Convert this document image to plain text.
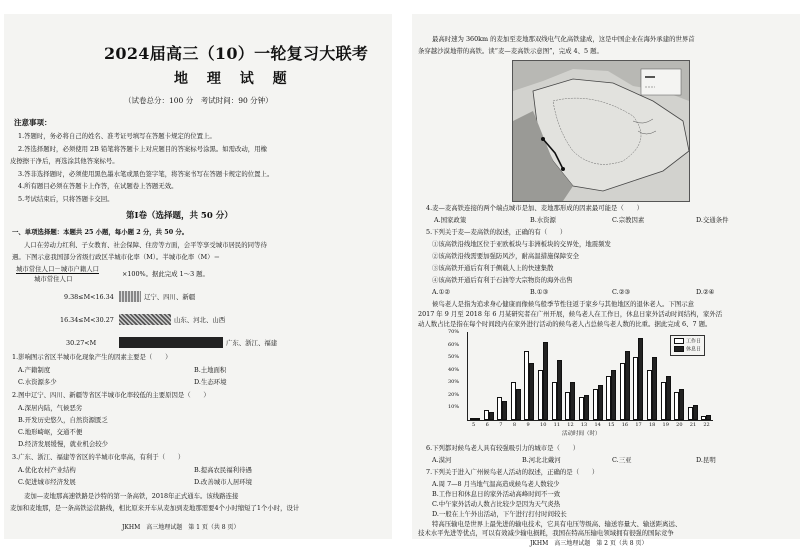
2024届高三（10）一轮复习大联考
地 理 试 题
（试卷总分：100 分　考试时间：90 分钟）
注意事项：
1.答题时，务必将自己的姓名、准考证号填写在答题卡规定的位置上。
2.答选择题时，必须使用 2B 铅笔将答题卡上对应题目的答案标号涂黑。如需改动，用橡
皮擦擦干净后，再选涂其他答案标号。
3.答非选择题时，必须使用黑色墨水笔或黑色签字笔，将答案书写在答题卡规定的位置上。
4.所有题目必须在答题卡上作答，在试题卷上答题无效。
5.考试结束后，只将答题卡交回。
第Ⅰ卷（选择题，共 50 分）
一、单项选择题：本题共 25 小题，每小题 2 分，共 50 分。
人口在劳动力红利、子女教育、社会保障、住房等方面，会平等享受城市居民的同等待
遇。下图示意我国部分省级行政区半城市化率（M）。半城市化率（M）＝
城市常住人口－城市户籍人口
城市常住人口
×100%。据此完成 1～3 题。
9.38≤M<16.34	辽宁、四川、新疆
16.34≤M<30.27	山东、河北、山西
30.27<M	广东、浙江、福建
1.影响图示省区半城市化现象产生的因素主要是（　　）
A.产籍制度	B.土地面积
C.水资源多少	D.生态环境
2.图中辽宁、四川、新疆等省区半城市化率较低的主要原因是（　　）
A.深居内陆，气候恶劣
B.开发历史悠久，自然资源匮乏
C.地形崎岖，交通不便
D.经济发展缓慢，就业机会较少
3.广东、浙江、福建等省区的半城市化率高，有利于（　　）
A.优化农村产业结构	B.提高农民福利待遇
C.促进城市经济发展	D.改善城市人居环境
麦加—麦地那高速铁路是沙特的第一条高铁，2018年正式通车。该线路连接
麦加和麦地那，是一条高铁运营路线，相比原来开车从麦加到麦地那需要4个小时缩短了1个小时，设计
JKHM　高三地理试题　第 1 页（共 8 页）
最高时速为 360km 的麦加至麦地那双线电气化高铁建成，这是中国企业在海外承建的世界首
条穿越沙漠地带的高铁。读“麦—麦高铁示意图”，完成 4、5 题。
4.麦—麦高铁连接的两个端点城市是加、麦地那形成的因素最可能是（　　）
A.国家政策	B.水资源	C.宗教因素	D.交通条件
5.下列关于麦—麦高铁的叙述，正确的有（　　）
①该高铁沿线地区位于亚欧板块与非洲板块的交界处，地震频发
②该高铁沿线需要加强防风沙，耐高温措施保障安全
③该高铁开通后有利于侧载人上的快速集散
④该高铁开通后有利于石油等大宗物资的海外出售
A.①②	B.①③	C.②③	D.②④
候鸟老人是指为追求身心健康而像候鸟般季节性往返于家乡与其他地区的退休老人。下图示意
2017 年 9 月至 2018 年 6 月某研究者在广州开展，候鸟老人在工作日，休息日家外活动时间结构，家外活
动人数占比是指在每个时间段内在家外进行活动的候鸟老人占总候鸟老人数的比重。据此完成 6、7 题。
工作日
休息日
70%
60%
50%
40%
30%
20%
10%
5 6 7 8 9 10 11 12 13 14 15 16 17 18 19 20 21 22
活动时间（时）
6.下列都对候鸟老人具有较强吸引力的城市是（　　）
A.漠河	B.河北北戴河	C.三亚	D.昆明
7.下列关于进入广州候鸟老人活动的叙述，正确的是（　　）
A.周 7—8 月当地气温高造成候鸟老人数较少
B.工作日和休息日的家外活动高峰时间不一致
C.中午家外活动人数占比较少是因为天气炎热
D.一般在上午外出活动，下午进行打付时间较长
特高压输电是世界上最先进的输电技术，它具有电压等级高、输送容量大、输送距离远、
技术水平先进等优点，可以有效减少输电损耗，我国在特高压输电领域拥有很强的国际竞争
JKHM　高三地理试题　第 2 页（共 8 页）
